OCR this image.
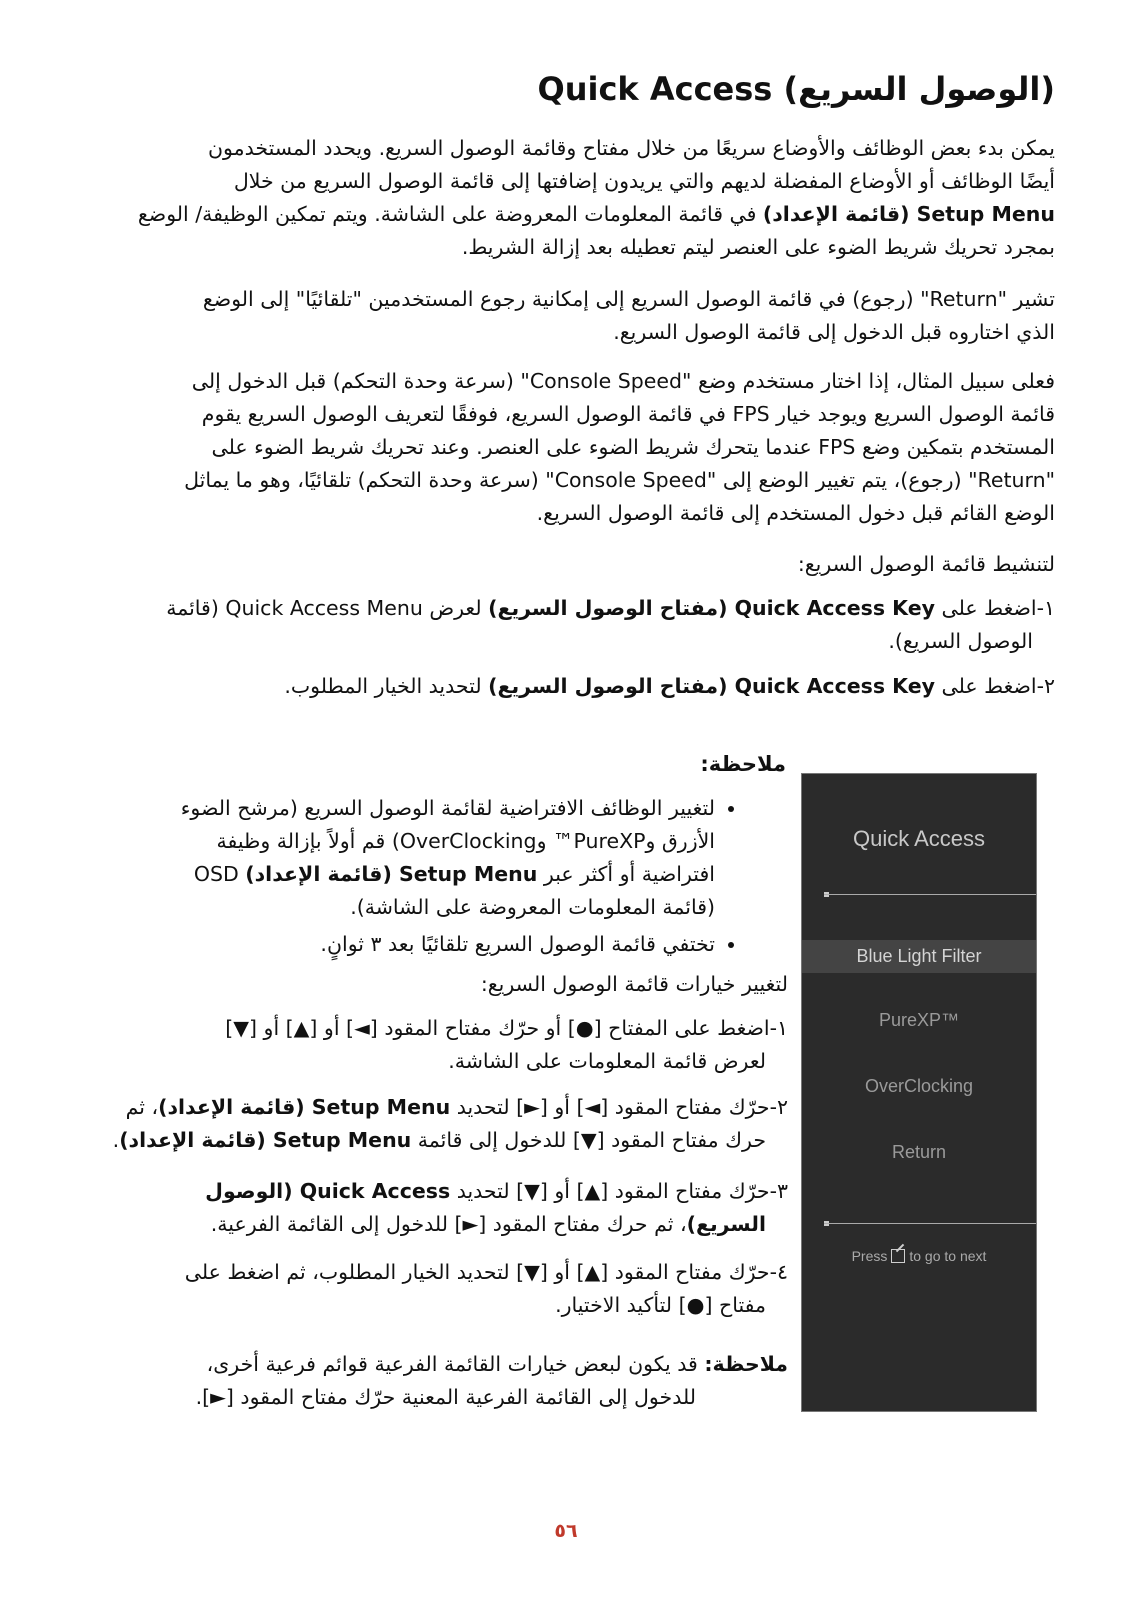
(الوصول السريع) Quick Access
يمكن بدء بعض الوظائف والأوضاع سريعًا من خلال مفتاح وقائمة الوصول السريع. ويحدد المستخدمون
أيضًا الوظائف أو الأوضاع المفضلة لديهم والتي يريدون إضافتها إلى قائمة الوصول السريع من خلال
Setup Menu (قائمة الإعداد) في قائمة المعلومات المعروضة على الشاشة. ويتم تمكين الوظيفة/ الوضع
بمجرد تحريك شريط الضوء على العنصر ليتم تعطيله بعد إزالة الشريط.
تشير "Return" (رجوع) في قائمة الوصول السريع إلى إمكانية رجوع المستخدمين "تلقائيًا" إلى الوضع
الذي اختاروه قبل الدخول إلى قائمة الوصول السريع.
فعلى سبيل المثال، إذا اختار مستخدم وضع "Console Speed" (سرعة وحدة التحكم) قبل الدخول إلى
قائمة الوصول السريع ويوجد خيار FPS في قائمة الوصول السريع، فوفقًا لتعريف الوصول السريع يقوم
المستخدم بتمكين وضع FPS عندما يتحرك شريط الضوء على العنصر. وعند تحريك شريط الضوء على
"Return" (رجوع)، يتم تغيير الوضع إلى "Console Speed" (سرعة وحدة التحكم) تلقائيًا، وهو ما يماثل
الوضع القائم قبل دخول المستخدم إلى قائمة الوصول السريع.
لتنشيط قائمة الوصول السريع:
١-اضغط على Quick Access Key (مفتاح الوصول السريع) لعرض Quick Access Menu (قائمة
الوصول السريع).
٢-اضغط على Quick Access Key (مفتاح الوصول السريع) لتحديد الخيار المطلوب.
ملاحظة:
• لتغيير الوظائف الافتراضية لقائمة الوصول السريع (مرشح الضوء
الأزرق وPureXP™ وOverClocking) قم أولاً بإزالة وظيفة
افتراضية أو أكثر عبر Setup Menu (قائمة الإعداد) OSD
(قائمة المعلومات المعروضة على الشاشة).
• تختفي قائمة الوصول السريع تلقائيًا بعد ٣ ثوانٍ.
لتغيير خيارات قائمة الوصول السريع:
١-اضغط على المفتاح [●] أو حرّك مفتاح المقود [◄] أو [▲] أو [▼]
لعرض قائمة المعلومات على الشاشة.
٢-حرّك مفتاح المقود [◄] أو [►] لتحديد Setup Menu (قائمة الإعداد)، ثم
حرك مفتاح المقود [▼] للدخول إلى قائمة Setup Menu (قائمة الإعداد).
٣-حرّك مفتاح المقود [▲] أو [▼] لتحديد Quick Access (الوصول
السريع)، ثم حرك مفتاح المقود [►] للدخول إلى القائمة الفرعية.
٤-حرّك مفتاح المقود [▲] أو [▼] لتحديد الخيار المطلوب، ثم اضغط على
مفتاح [●] لتأكيد الاختيار.
ملاحظة: قد يكون لبعض خيارات القائمة الفرعية قوائم فرعية أخرى،
للدخول إلى القائمة الفرعية المعنية حرّك مفتاح المقود [►].
Quick Access
Blue Light Filter
PureXP™
OverClocking
Return
Press to go to next
٥٦
